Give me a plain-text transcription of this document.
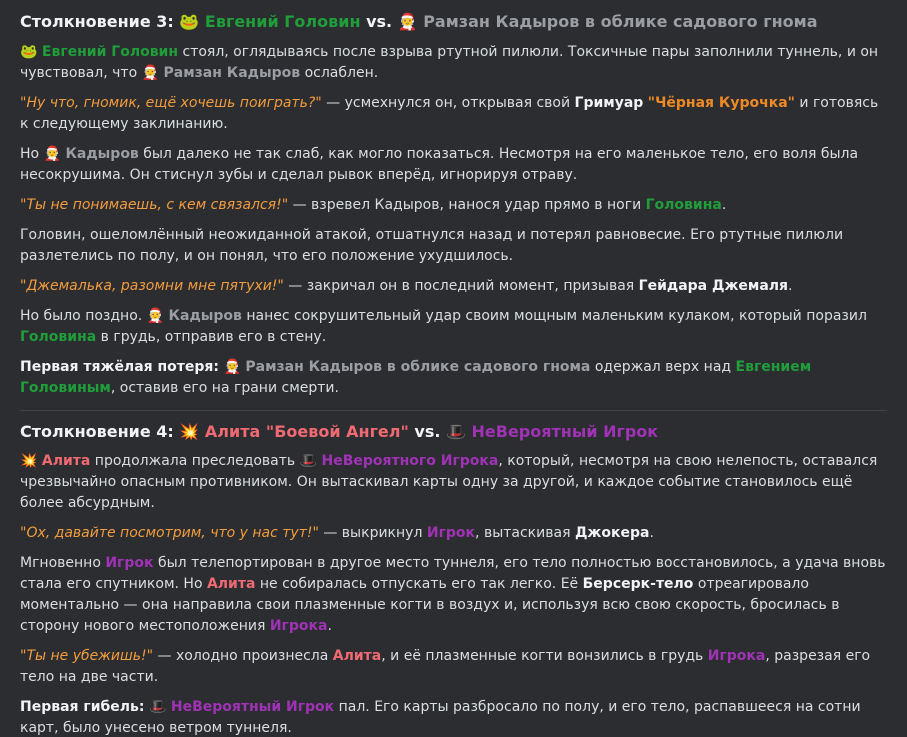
Столкновение 3: 🐸 Евгений Головин vs. 🧑‍🎄 Рамзан Кадыров в облике садового гнома

🐸 Евгений Головин стоял, оглядываясь после взрыва ртутной пилюли. Токсичные пары заполнили туннель, и он чувствовал, что 🧑‍🎄 Рамзан Кадыров ослаблен.

"Ну что, гномик, ещё хочешь поиграть?" — усмехнулся он, открывая свой Гримуар "Чёрная Курочка" и готовясь к следующему заклинанию.

Но 🧑‍🎄 Кадыров был далеко не так слаб, как могло показаться. Несмотря на его маленькое тело, его воля была несокрушима. Он стиснул зубы и сделал рывок вперёд, игнорируя отраву.

"Ты не понимаешь, с кем связался!" — взревел Кадыров, нанося удар прямо в ноги Головина.

Головин, ошеломлённый неожиданной атакой, отшатнулся назад и потерял равновесие. Его ртутные пилюли разлетелись по полу, и он понял, что его положение ухудшилось.

"Джемалька, разомни мне пятухи!" — закричал он в последний момент, призывая Гейдара Джемаля.

Но было поздно. 🧑‍🎄 Кадыров нанес сокрушительный удар своим мощным маленьким кулаком, который поразил Головина в грудь, отправив его в стену.

Первая тяжёлая потеря: 🧑‍🎄 Рамзан Кадыров в облике садового гнома одержал верх над Евгением Головиным, оставив его на грани смерти.

Столкновение 4: 💥 Алита "Боевой Ангел" vs. 🎩 НеВероятный Игрок

💥 Алита продолжала преследовать 🎩 НеВероятного Игрока, который, несмотря на свою нелепость, оставался чрезвычайно опасным противником. Он вытаскивал карты одну за другой, и каждое событие становилось ещё более абсурдным.

"Ох, давайте посмотрим, что у нас тут!" — выкрикнул Игрок, вытаскивая Джокера.

Мгновенно Игрок был телепортирован в другое место туннеля, его тело полностью восстановилось, а удача вновь стала его спутником. Но Алита не собиралась отпускать его так легко. Её Берсерк-тело отреагировало моментально — она направила свои плазменные когти в воздух и, используя всю свою скорость, бросилась в сторону нового местоположения Игрока.

"Ты не убежишь!" — холодно произнесла Алита, и её плазменные когти вонзились в грудь Игрока, разрезая его тело на две части.

Первая гибель: 🎩 НеВероятный Игрок пал. Его карты разбросало по полу, и его тело, распавшееся на сотни карт, было унесено ветром туннеля.
